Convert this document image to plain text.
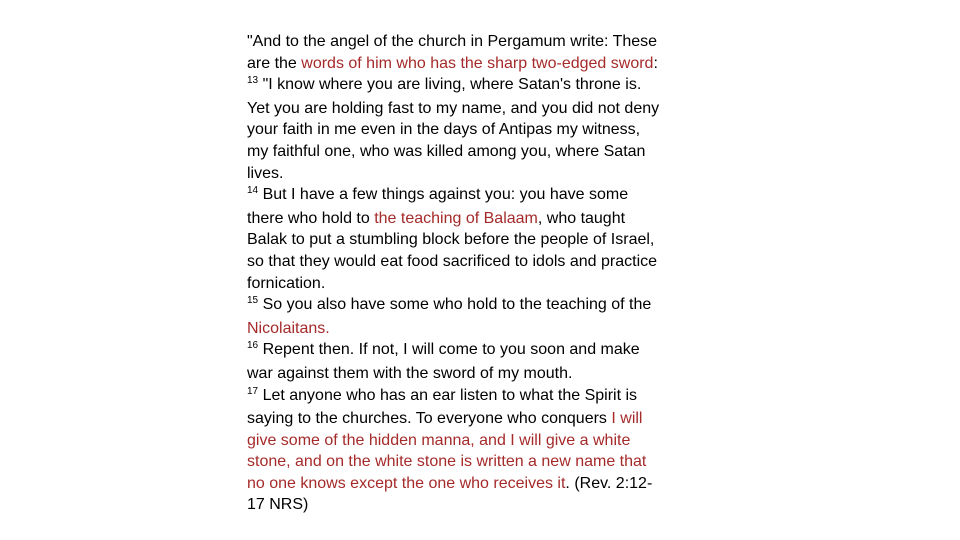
"And to the angel of the church in Pergamum write: These
are the words of him who has the sharp two-edged sword:
$^{13}$ "I know where you are living, where Satan's throne is.
Yet you are holding fast to my name, and you did not deny
your faith in me even in the days of Antipas my witness,
my faithful one, who was killed among you, where Satan
lives.
$^{14}$ But I have a few things against you: you have some
there who hold to the teaching of Balaam, who taught
Balak to put a stumbling block before the people of Israel,
so that they would eat food sacrificed to idols and practice
fornication.
$^{15}$ So you also have some who hold to the teaching of the
Nicolaitans.
$^{16}$ Repent then. If not, I will come to you soon and make
war against them with the sword of my mouth.
$^{17}$ Let anyone who has an ear listen to what the Spirit is
saying to the churches. To everyone who conquers I will
give some of the hidden manna, and I will give a white
stone, and on the white stone is written a new name that
no one knows except the one who receives it. (Rev. 2:12-
17 NRS)
